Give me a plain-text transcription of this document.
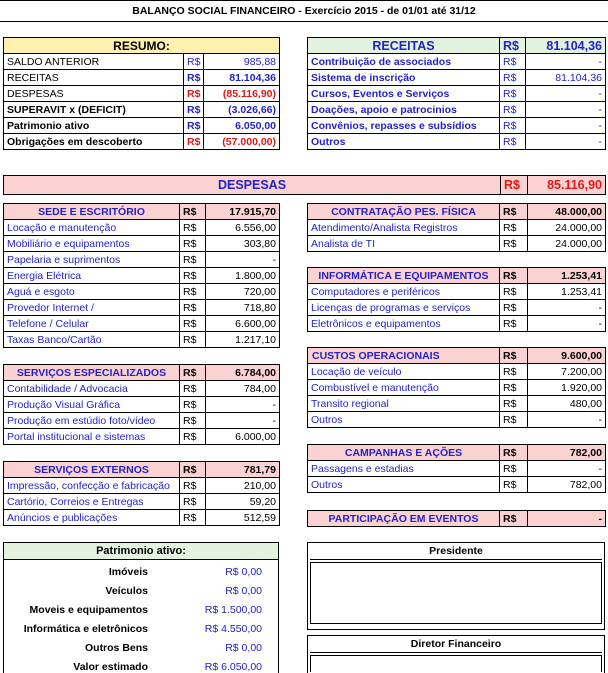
BALANÇO SOCIAL FINANCEIRO - Exercício 2015 - de 01/01 até 31/12
RESUMO:		
SALDO ANTERIOR	R$	985,88
RECEITAS	R$	81.104,36
DESPESAS	R$	(85.116,90)
SUPERAVIT x (DEFICIT)	R$	(3.026,66)
Patrimonio ativo	R$	6.050,00
Obrigações em descoberto	R$	(57.000,00)
RECEITAS	R$	81.104,36
Contribuição de associados	R$	-
Sistema de inscrição	R$	81.104,36
Cursos, Eventos e Serviços	R$	-
Doações, apoio e patrocinios	R$	-
Convênios, repasses e subsídios	R$	-
Outros	R$	-
DESPESAS	R$	85.116,90
SEDE E ESCRITÓRIO	R$	17.915,70
Locação e manutenção	R$	6.556,00
Mobiliário e equipamentos	R$	303,80
Papelaria e suprimentos	R$	-
Energia Elétrica	R$	1.800,00
Aguá e esgoto	R$	720,00
Provedor Internet /	R$	718,80
Telefone / Celular	R$	6.600,00
Taxas Banco/Cartão	R$	1.217,10
SERVIÇOS ESPECIALIZADOS	R$	6.784,00
Contabilidade / Advocacia	R$	784,00
Produção Visual Gráfica	R$	-
Produção em estúdio foto/vídeo	R$	-
Portal institucional e sistemas	R$	6.000,00
SERVIÇOS EXTERNOS	R$	781,79
Impressão, confecção e fabricação	R$	210,00
Cartório, Correios e Entregas	R$	59,20
Anúncios e publicações	R$	512,59
CONTRATAÇÃO PES. FÍSICA	R$	48.000,00
Atendimento/Analista Registros	R$	24.000,00
Analista de TI	R$	24.000,00
INFORMÁTICA E EQUIPAMENTOS	R$	1.253,41
Computadores e periféricos	R$	1.253,41
Licenças de programas e serviços	R$	-
Eletrônicos e equipamentos	R$	-
CUSTOS OPERACIONAIS	R$	9.600,00
Locação de veículo	R$	7.200,00
Combustível e manutenção	R$	1.920,00
Transito regional	R$	480,00
Outros	R$	-
CAMPANHAS E AÇÕES	R$	782,00
Passagens e estadias	R$	-
Outros	R$	782,00
PARTICIPAÇÃO EM EVENTOS	R$	-
Patrimonio ativo:
Imóveis	R$ 0,00
Veículos	R$ 0,00
Moveis e equipamentos	R$ 1.500,00
Informática e eletrônicos	R$ 4.550,00
Outros Bens	R$ 0,00
Valor estimado	R$ 6.050,00
Presidente
Diretor Financeiro
